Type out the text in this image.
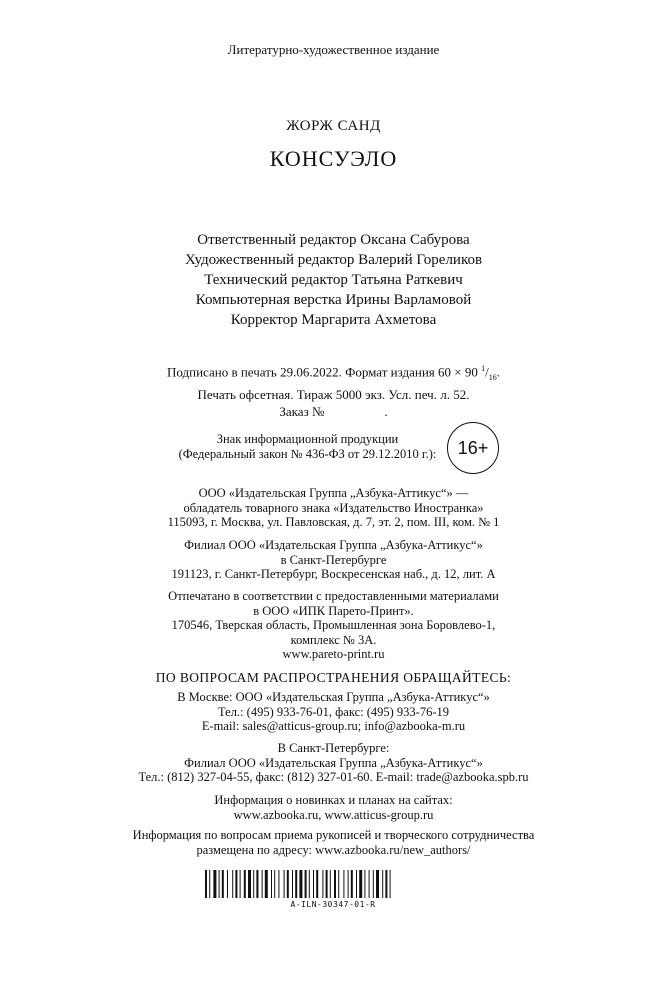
Литературно-художественное издание
ЖОРЖ САНД
КОНСУЭЛО
Ответственный редактор Оксана Сабурова
Художественный редактор Валерий Гореликов
Технический редактор Татьяна Раткевич
Компьютерная верстка Ирины Варламовой
Корректор Маргарита Ахметова
Подписано в печать 29.06.2022. Формат издания 60 × 90 $^1/_{16}$.
Печать офсетная. Тираж 5000 экз. Усл. печ. л. 52.
Заказ №	.
Знак информационной продукции
(Федеральный закон № 436-ФЗ от 29.12.2010 г.):	16+
ООО «Издательская Группа „Азбука-Аттикус“» —
обладатель товарного знака «Издательство Иностранка»
115093, г. Москва, ул. Павловская, д. 7, эт. 2, пом. III, ком. № 1
Филиал ООО «Издательская Группа „Азбука-Аттикус“»
в Санкт-Петербурге
191123, г. Санкт-Петербург, Воскресенская наб., д. 12, лит. А
Отпечатано в соответствии с предоставленными материалами
в ООО «ИПК Парето-Принт».
170546, Тверская область, Промышленная зона Боровлево-1,
комплекс № 3А.
www.pareto-print.ru
ПО ВОПРОСАМ РАСПРОСТРАНЕНИЯ ОБРАЩАЙТЕСЬ:
В Москве: ООО «Издательская Группа „Азбука-Аттикус“»
Тел.: (495) 933-76-01, факс: (495) 933-76-19
E-mail: sales@atticus-group.ru; info@azbooka-m.ru
В Санкт-Петербурге:
Филиал ООО «Издательская Группа „Азбука-Аттикус“»
Тел.: (812) 327-04-55, факс: (812) 327-01-60. E-mail: trade@azbooka.spb.ru
Информация о новинках и планах на сайтах:
www.azbooka.ru, www.atticus-group.ru
Информация по вопросам приема рукописей и творческого сотрудничества
размещена по адресу: www.azbooka.ru/new_authors/
A-ILN-30347-01-R
